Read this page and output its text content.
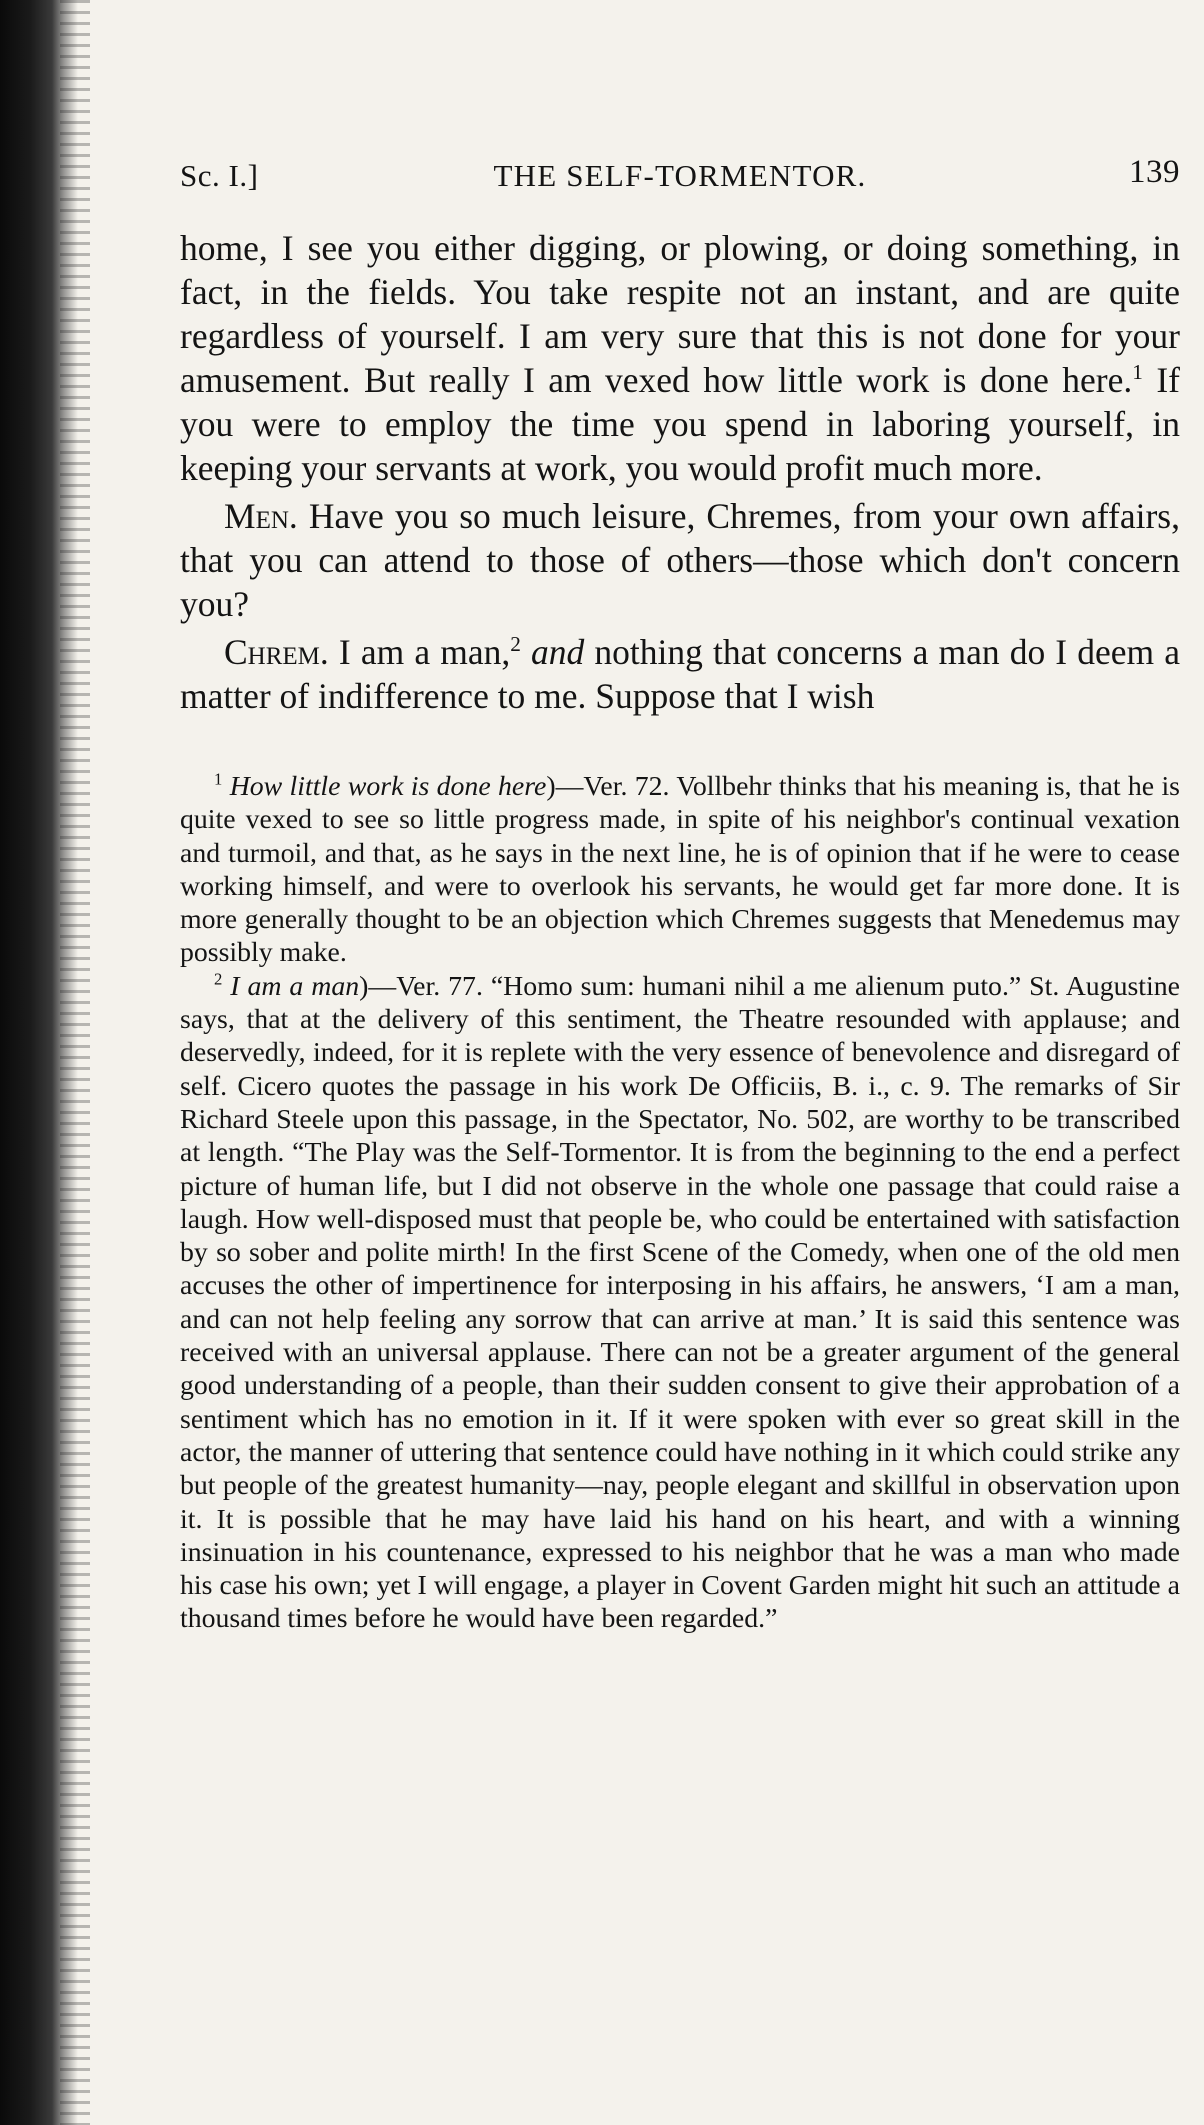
Sc. I.]	THE SELF-TORMENTOR.	139

home, I see you either digging, or plowing, or doing something, in fact, in the fields. You take respite not an instant, and are quite regardless of yourself. I am very sure that this is not done for your amusement. But really I am vexed how little work is done here.$^1$ If you were to employ the time you spend in laboring yourself, in keeping your servants at work, you would profit much more.

Men. Have you so much leisure, Chremes, from your own affairs, that you can attend to those of others—those which don't concern you?

Chrem. I am a man,$^2$ and nothing that concerns a man do I deem a matter of indifference to me. Suppose that I wish

$^1$ How little work is done here)—Ver. 72. Vollbehr thinks that his meaning is, that he is quite vexed to see so little progress made, in spite of his neighbor's continual vexation and turmoil, and that, as he says in the next line, he is of opinion that if he were to cease working himself, and were to overlook his servants, he would get far more done. It is more generally thought to be an objection which Chremes suggests that Menedemus may possibly make.

$^2$ I am a man)—Ver. 77. “Homo sum: humani nihil a me alienum puto.” St. Augustine says, that at the delivery of this sentiment, the Theatre resounded with applause; and deservedly, indeed, for it is replete with the very essence of benevolence and disregard of self. Cicero quotes the passage in his work De Officiis, B. i., c. 9. The remarks of Sir Richard Steele upon this passage, in the Spectator, No. 502, are worthy to be transcribed at length. “The Play was the Self-Tormentor. It is from the beginning to the end a perfect picture of human life, but I did not observe in the whole one passage that could raise a laugh. How well-disposed must that people be, who could be entertained with satisfaction by so sober and polite mirth! In the first Scene of the Comedy, when one of the old men accuses the other of impertinence for interposing in his affairs, he answers, ‘I am a man, and can not help feeling any sorrow that can arrive at man.’ It is said this sentence was received with an universal applause. There can not be a greater argument of the general good understanding of a people, than their sudden consent to give their approbation of a sentiment which has no emotion in it. If it were spoken with ever so great skill in the actor, the manner of uttering that sentence could have nothing in it which could strike any but people of the greatest humanity—nay, people elegant and skillful in observation upon it. It is possible that he may have laid his hand on his heart, and with a winning insinuation in his countenance, expressed to his neighbor that he was a man who made his case his own; yet I will engage, a player in Covent Garden might hit such an attitude a thousand times before he would have been regarded.”
